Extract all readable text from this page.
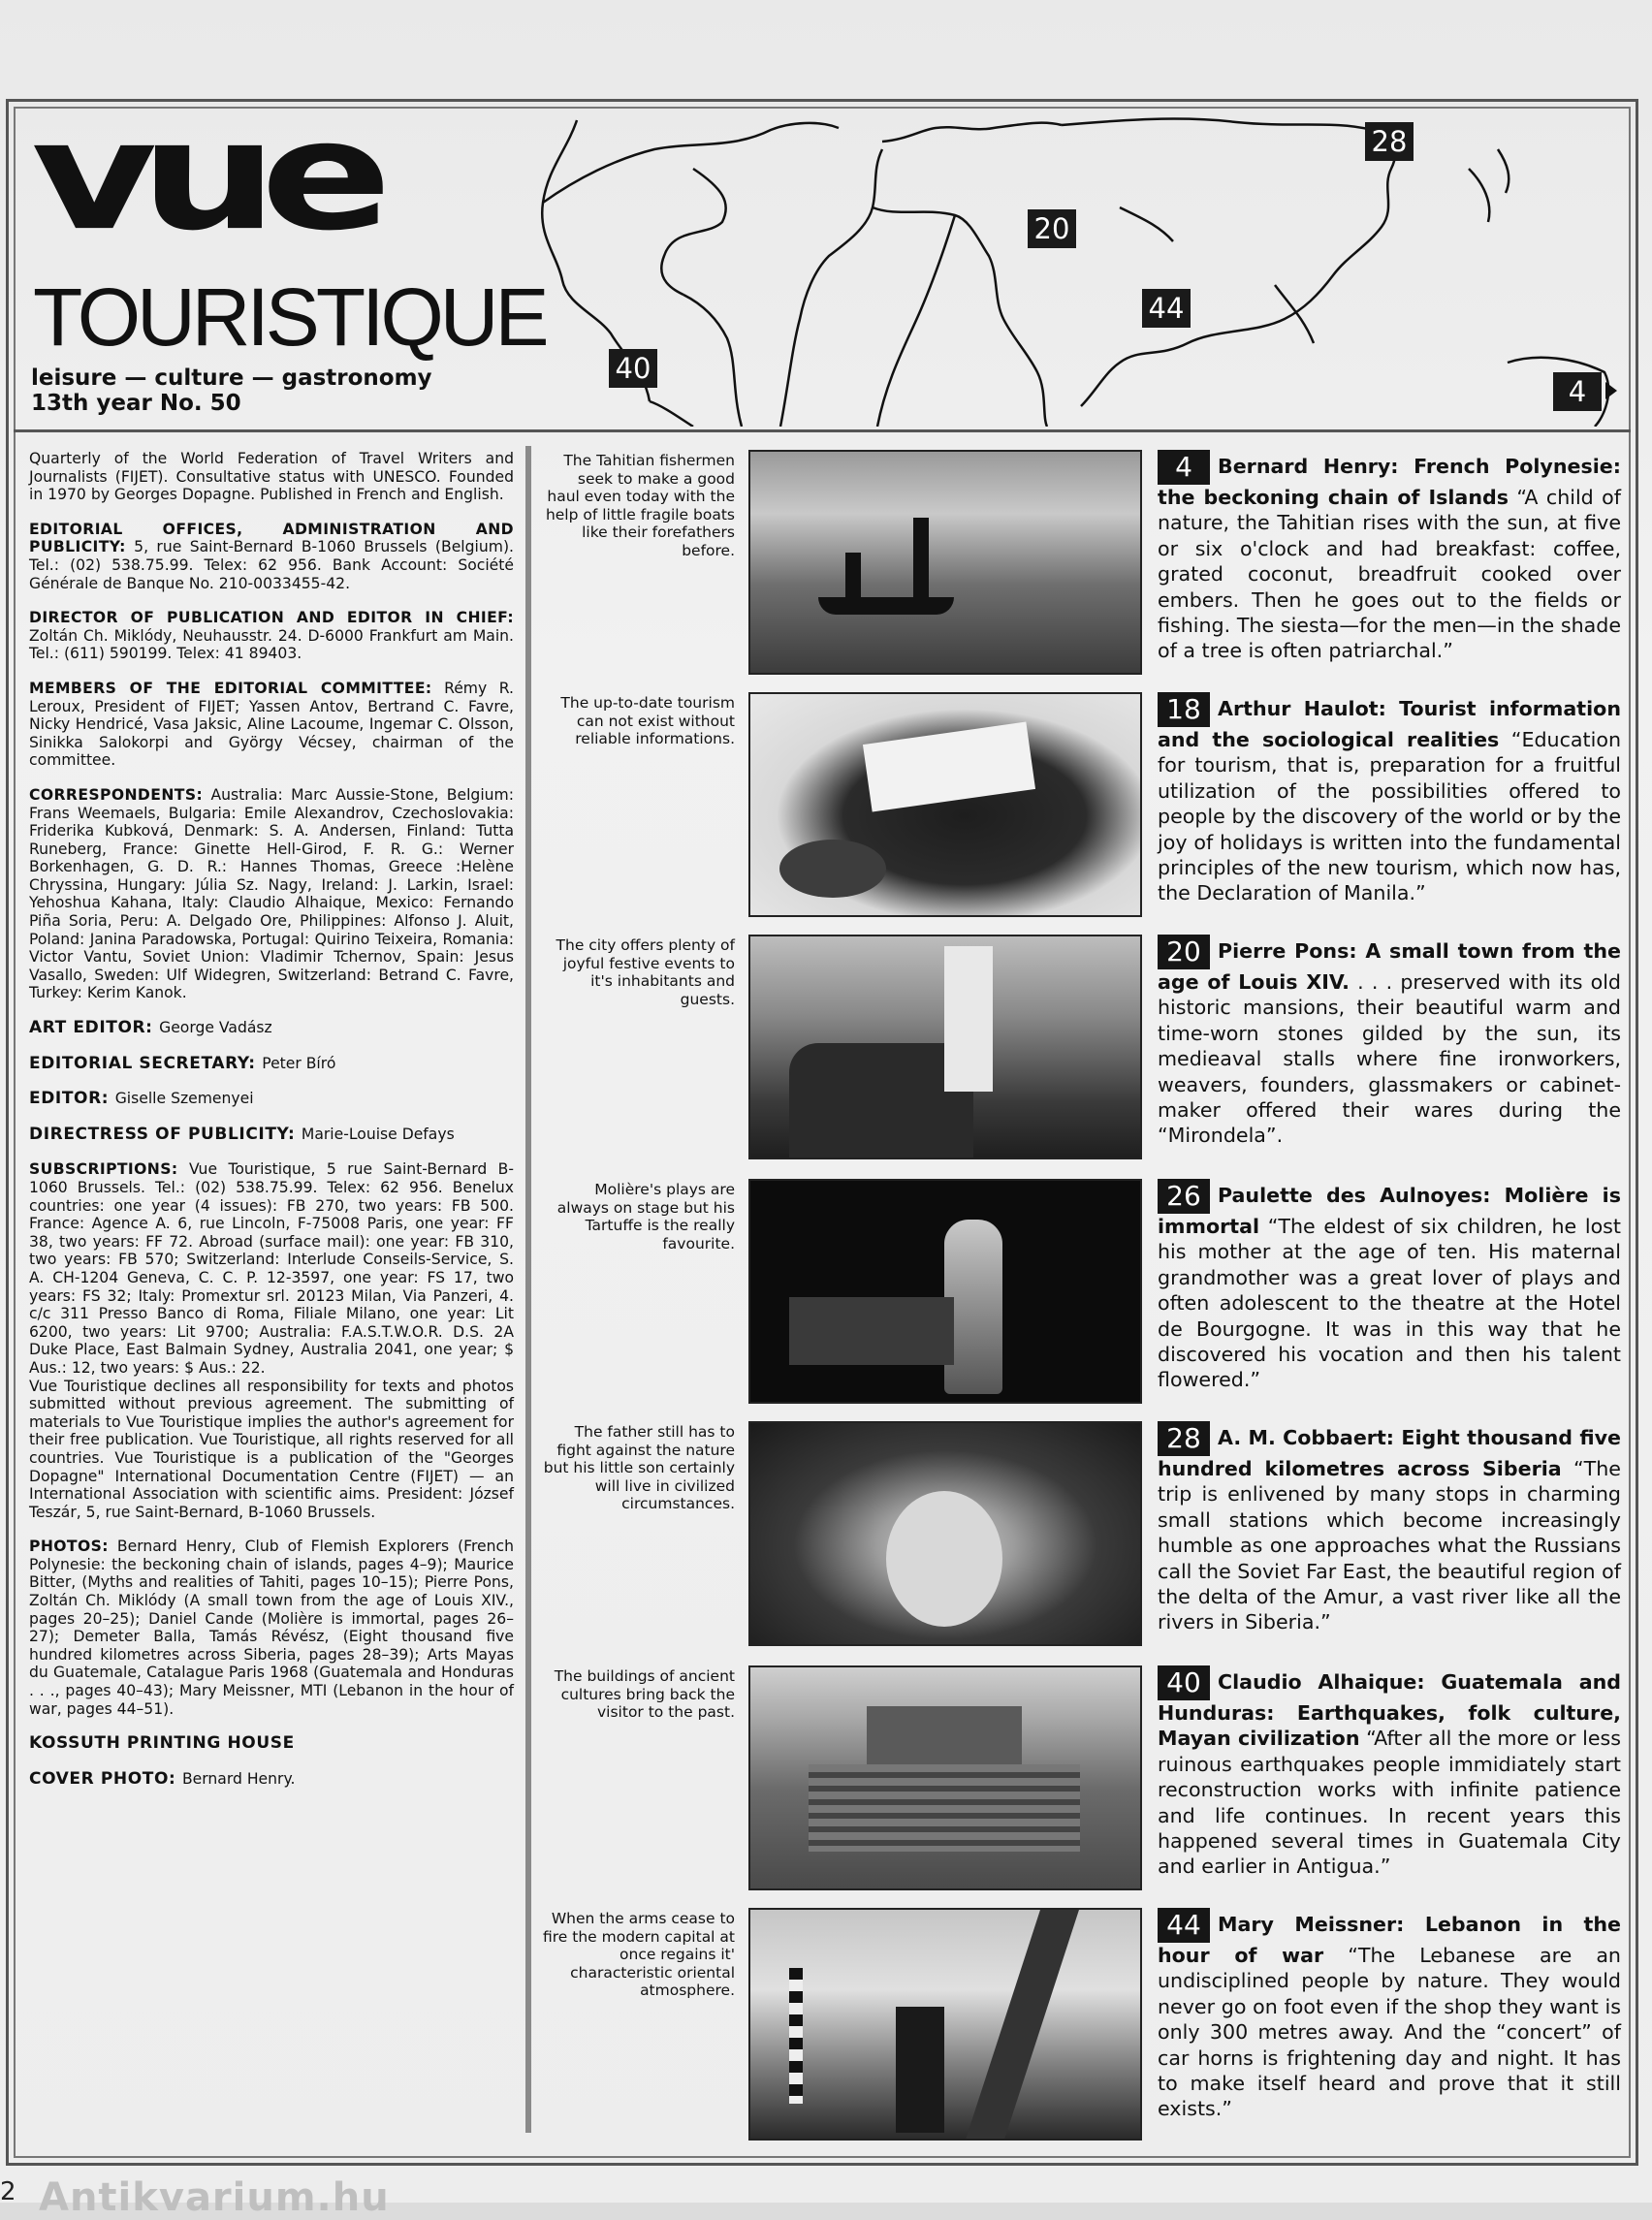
vue
TOURISTIQUE
leisure — culture — gastronomy
13th year No. 50
28
20
44
40
4

Quarterly of the World Federation of Travel Writers and Journalists (FIJET). Consultative status with UNESCO. Founded in 1970 by Georges Dopagne. Published in French and English.

EDITORIAL OFFICES, ADMINISTRATION AND PUBLICITY: 5, rue Saint-Bernard B-1060 Brussels (Belgium). Tel.: (02) 538.75.99. Telex: 62 956. Bank Account: Société Générale de Banque No. 210-0033455-42.

DIRECTOR OF PUBLICATION AND EDITOR IN CHIEF: Zoltán Ch. Miklódy, Neuhausstr. 24. D-6000 Frankfurt am Main. Tel.: (611) 590199. Telex: 41 89403.

MEMBERS OF THE EDITORIAL COMMITTEE: Rémy R. Leroux, President of FIJET; Yassen Antov, Bertrand C. Favre, Nicky Hendricé, Vasa Jaksic, Aline Lacoume, Ingemar C. Olsson, Sinikka Salokorpi and György Vécsey, chairman of the committee.

CORRESPONDENTS: Australia: Marc Aussie-Stone, Belgium: Frans Weemaels, Bulgaria: Emile Alexandrov, Czechoslovakia: Friderika Kubková, Denmark: S. A. Andersen, Finland: Tutta Runeberg, France: Ginette Hell-Girod, F. R. G.: Werner Borkenhagen, G. D. R.: Hannes Thomas, Greece :Helène Chryssina, Hungary: Júlia Sz. Nagy, Ireland: J. Larkin, Israel: Yehoshua Kahana, Italy: Claudio Alhaique, Mexico: Fernando Piña Soria, Peru: A. Delgado Ore, Philippines: Alfonso J. Aluit, Poland: Janina Paradowska, Portugal: Quirino Teixeira, Romania: Victor Vantu, Soviet Union: Vladimir Tchernov, Spain: Jesus Vasallo, Sweden: Ulf Widegren, Switzerland: Betrand C. Favre, Turkey: Kerim Kanok.

ART EDITOR: George Vadász

EDITORIAL SECRETARY: Peter Bíró

EDITOR: Giselle Szemenyei

DIRECTRESS OF PUBLICITY: Marie-Louise Defays

SUBSCRIPTIONS: Vue Touristique, 5 rue Saint-Bernard B-1060 Brussels. Tel.: (02) 538.75.99. Telex: 62 956. Benelux countries: one year (4 issues): FB 270, two years: FB 500. France: Agence A. 6, rue Lincoln, F-75008 Paris, one year: FF 38, two years: FF 72. Abroad (surface mail): one year: FB 310, two years: FB 570; Switzerland: Interlude Conseils-Service, S. A. CH-1204 Geneva, C. C. P. 12-3597, one year: FS 17, two years: FS 32; Italy: Promextur srl. 20123 Milan, Via Panzeri, 4. c/c 311 Presso Banco di Roma, Filiale Milano, one year: Lit 6200, two years: Lit 9700; Australia: F.A.S.T.W.O.R. D.S. 2A Duke Place, East Balmain Sydney, Australia 2041, one year; $ Aus.: 12, two years: $ Aus.: 22.

Vue Touristique declines all responsibility for texts and photos submitted without previous agreement. The submitting of materials to Vue Touristique implies the author's agreement for their free publication. Vue Touristique, all rights reserved for all countries. Vue Touristique is a publication of the "Georges Dopagne" International Documentation Centre (FIJET) — an International Association with scientific aims. President: József Teszár, 5, rue Saint-Bernard, B-1060 Brussels.

PHOTOS: Bernard Henry, Club of Flemish Explorers (French Polynesie: the beckoning chain of islands, pages 4–9); Maurice Bitter, (Myths and realities of Tahiti, pages 10–15); Pierre Pons, Zoltán Ch. Miklódy (A small town from the age of Louis XIV., pages 20–25); Daniel Cande (Molière is immortal, pages 26–27); Demeter Balla, Tamás Révész, (Eight thousand five hundred kilometres across Siberia, pages 28–39); Arts Mayas du Guatemale, Catalague Paris 1968 (Guatemala and Honduras . . ., pages 40–43); Mary Meissner, MTI (Lebanon in the hour of war, pages 44–51).

KOSSUTH PRINTING HOUSE

COVER PHOTO: Bernard Henry.

The Tahitian fishermen seek to make a good haul even today with the help of little fragile boats like their forefathers before.
4 Bernard Henry: French Polynesie: the beckoning chain of Islands “A child of nature, the Tahitian rises with the sun, at five or six o'clock and had breakfast: coffee, grated coconut, breadfruit cooked over embers. Then he goes out to the fields or fishing. The siesta—for the men—in the shade of a tree is often patriarchal.”
The up-to-date tourism can not exist without reliable informations.
18 Arthur Haulot: Tourist information and the sociological realities “Education for tourism, that is, preparation for a fruitful utilization of the possibilities offered to people by the discovery of the world or by the joy of holidays is written into the fundamental principles of the new tourism, which now has, the Declaration of Manila.”
The city offers plenty of joyful festive events to it's inhabitants and guests.
20 Pierre Pons: A small town from the age of Louis XIV. . . . preserved with its old historic mansions, their beautiful warm and time-worn stones gilded by the sun, its medieaval stalls where fine ironworkers, weavers, founders, glassmakers or cabinet-maker offered their wares during the “Mirondela”.
Molière's plays are always on stage but his Tartuffe is the really favourite.
26 Paulette des Aulnoyes: Molière is immortal “The eldest of six children, he lost his mother at the age of ten. His maternal grandmother was a great lover of plays and often adolescent to the theatre at the Hotel de Bourgogne. It was in this way that he discovered his vocation and then his talent flowered.”
The father still has to fight against the nature but his little son certainly will live in civilized circumstances.
28 A. M. Cobbaert: Eight thousand five hundred kilometres across Siberia “The trip is enlivened by many stops in charming small stations which become increasingly humble as one approaches what the Russians call the Soviet Far East, the beautiful region of the delta of the Amur, a vast river like all the rivers in Siberia.”
The buildings of ancient cultures bring back the visitor to the past.
40 Claudio Alhaique: Guatemala and Hunduras: Earthquakes, folk culture, Mayan civilization “After all the more or less ruinous earthquakes people immidiately start reconstruction works with infinite patience and life continues. In recent years this happened several times in Guatemala City and earlier in Antigua.”
When the arms cease to fire the modern capital at once regains it' characteristic oriental atmosphere.
44 Mary Meissner: Lebanon in the hour of war “The Lebanese are an undisciplined people by nature. They would never go on foot even if the shop they want is only 300 metres away. And the “concert” of car horns is frightening day and night. It has to make itself heard and prove that it still exists.”
2 Antikvarium.hu
